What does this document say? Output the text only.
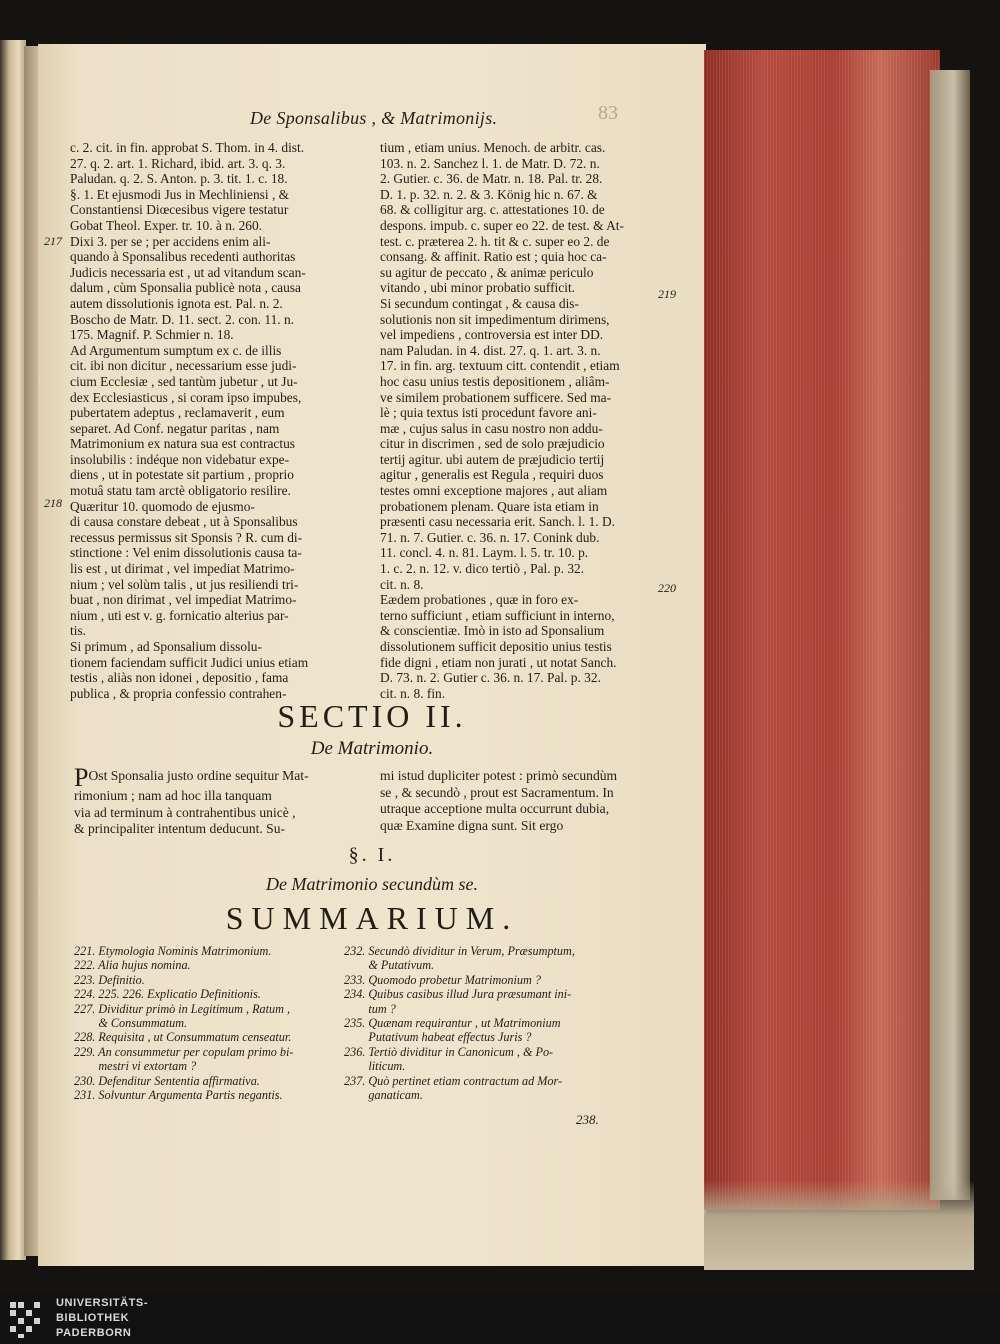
De Sponsalibus , & Matrimonijs.	83

c. 2. cit. in fin. approbat S. Thom. in 4. dist.

27. q. 2. art. 1. Richard, ibid. art. 3. q. 3.

Paludan. q. 2. S. Anton. p. 3. tit. 1. c. 18.

§. 1. Et ejusmodi Jus in Mechliniensi , &

Constantiensi Diœcesibus vigere testatur

Gobat Theol. Exper. tr. 10. à n. 260.

Dixi 3. per se ; per accidens enim ali-

quando à Sponsalibus recedenti authoritas

Judicis necessaria est , ut ad vitandum scan-

dalum , cùm Sponsalia publicè nota , causa

autem dissolutionis ignota est. Pal. n. 2.

Boscho de Matr. D. 11. sect. 2. con. 11. n.

175. Magnif. P. Schmier n. 18.

Ad Argumentum sumptum ex c. de illis

cit. ibi non dicitur , necessarium esse judi-

cium Ecclesiæ , sed tantùm jubetur , ut Ju-

dex Ecclesiasticus , si coram ipso impubes,

pubertatem adeptus , reclamaverit , eum

separet. Ad Conf. negatur paritas , nam

Matrimonium ex natura sua est contractus

insolubilis : indéque non videbatur expe-

diens , ut in potestate sit partium , proprio

motuâ statu tam arctè obligatorio resilire.

Quæritur 10. quomodo de ejusmo-

di causa constare debeat , ut à Sponsalibus

recessus permissus sit Sponsis ? R. cum di-

stinctione : Vel enim dissolutionis causa ta-

lis est , ut dirimat , vel impediat Matrimo-

nium ; vel solùm talis , ut jus resiliendi tri-

buat , non dirimat , vel impediat Matrimo-

nium , uti est v. g. fornicatio alterius par-

tis.

Si primum , ad Sponsalium dissolu-

tionem faciendam sufficit Judici unius etiam

testis , aliàs non idonei , depositio , fama

publica , & propria confessio contrahen-

tium , etiam unius. Menoch. de arbitr. cas.

103. n. 2. Sanchez l. 1. de Matr. D. 72. n.

2. Gutier. c. 36. de Matr. n. 18. Pal. tr. 28.

D. 1. p. 32. n. 2. & 3. König hic n. 67. &

68. & colligitur arg. c. attestationes 10. de

despons. impub. c. super eo 22. de test. & At-

test. c. præterea 2. h. tit & c. super eo 2. de

consang. & affinit. Ratio est ; quia hoc ca-

su agitur de peccato , & animæ periculo

vitando , ubi minor probatio sufficit.

Si secundum contingat , & causa dis-

solutionis non sit impedimentum dirimens,

vel impediens , controversia est inter DD.

nam Paludan. in 4. dist. 27. q. 1. art. 3. n.

17. in fin. arg. textuum citt. contendit , etiam

hoc casu unius testis depositionem , aliâm-

ve similem probationem sufficere. Sed ma-

lè ; quia textus isti procedunt favore ani-

mæ , cujus salus in casu nostro non addu-

citur in discrimen , sed de solo præjudicio

tertij agitur. ubi autem de præjudicio tertij

agitur , generalis est Regula , requiri duos

testes omni exceptione majores , aut aliam

probationem plenam. Quare ista etiam in

præsenti casu necessaria erit. Sanch. l. 1. D.

71. n. 7. Gutier. c. 36. n. 17. Conink dub.

11. concl. 4. n. 81. Laym. l. 5. tr. 10. p.

1. c. 2. n. 12. v. dico tertiò , Pal. p. 32.

cit. n. 8.

Eædem probationes , quæ in foro ex-

terno sufficiunt , etiam sufficiunt in interno,

& conscientiæ. Imò in isto ad Sponsalium

dissolutionem sufficit depositio unius testis

fide digni , etiam non jurati , ut notat Sanch.

D. 73. n. 2. Gutier c. 36. n. 17. Pal. p. 32.

cit. n. 8. fin.

217
218
219
220
SECTIO II.
De Matrimonio.

POst Sponsalia justo ordine sequitur Mat-

rimonium ; nam ad hoc illa tanquam

via ad terminum à contrahentibus unicè ,

& principaliter intentum deducunt. Su-

mi istud dupliciter potest : primò secundùm

se , & secundò , prout est Sacramentum. In

utraque acceptione multa occurrunt dubia,

quæ Examine digna sunt. Sit ergo

§. I.
De Matrimonio secundùm se.
SUMMARIUM.

221. Etymologia Nominis Matrimonium.

222. Alia hujus nomina.

223. Definitio.

224. 225. 226. Explicatio Definitionis.

227. Dividitur primò in Legitimum , Ratum ,

& Consummatum.

228. Requisita , ut Consummatum censeatur.

229. An consummetur per copulam primo bi-

mestri vi extortam ?

230. Defenditur Sententia affirmativa.

231. Solvuntur Argumenta Partis negantis.

232. Secundò dividitur in Verum, Præsumptum,

& Putativum.

233. Quomodo probetur Matrimonium ?

234. Quibus casibus illud Jura præsumant ini-

tum ?

235. Quænam requirantur , ut Matrimonium

Putativum habeat effectus Juris ?

236. Tertiò dividitur in Canonicum , & Po-

liticum.

237. Quò pertinet etiam contractum ad Mor-

ganaticam.

238.
UNIVERSITÄTS-
BIBLIOTHEK
PADERBORN
